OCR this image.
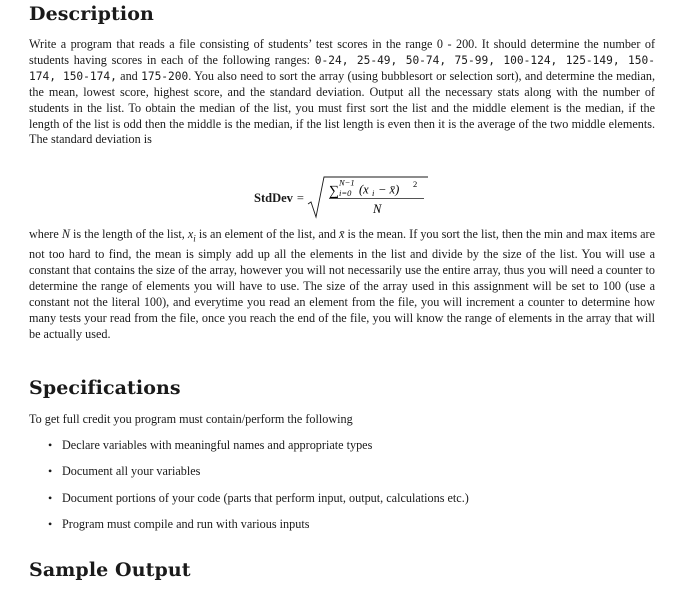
Description

Write a program that reads a file consisting of students’ test scores in the range 0 - 200. It should determine the number of students having scores in each of the following ranges: 0-24, 25-49, 50-74, 75-99, 100-124, 125-149, 150-174, 150-174, and 175-200. You also need to sort the array (using bubblesort or selection sort), and determine the median, the mean, lowest score, highest score, and the standard deviation. Output all the necessary stats along with the number of students in the list. To obtain the median of the list, you must first sort the list and the middle element is the median, if the length of the list is odd then the middle is the median, if the list length is even then it is the average of the two middle elements. The standard deviation is

StdDev = ∑
N−1
i=0 (x i − x̄) 2
N

where N is the length of the list, $x_i$ is an element of the list, and x̄ is the mean. If you sort the list, then the min and max items are not too hard to find, the mean is simply add up all the elements in the list and divide by the size of the list. You will use a constant that contains the size of the array, however you will not necessarily use the entire array, thus you will need a counter to determine the range of elements you will have to use. The size of the array used in this assignment will be set to 100 (use a constant not the literal 100), and everytime you read an element from the file, you will increment a counter to determine how many tests your read from the file, once you reach the end of the file, you will know the range of elements in the array that will be actually used.

Specifications
To get full credit you program must contain/perform the following
• Declare variables with meaningful names and appropriate types
• Document all your variables
• Document portions of your code (parts that perform input, output, calculations etc.)
• Program must compile and run with various inputs
Sample Output
